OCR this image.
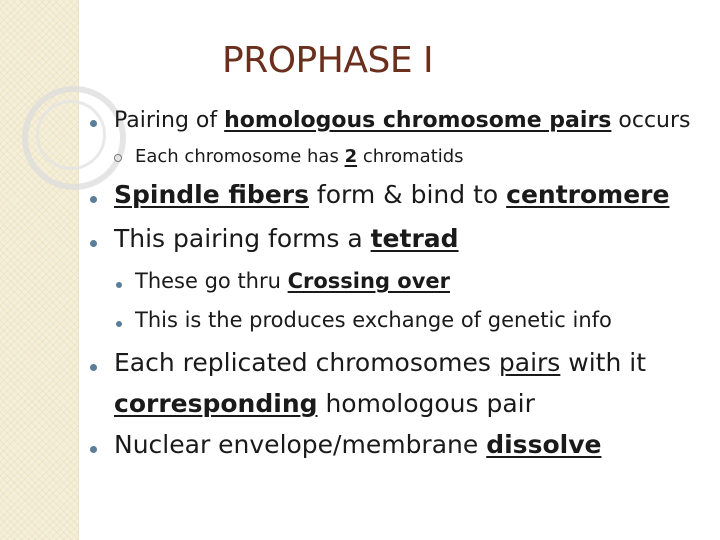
PROPHASE I
Pairing of homologous chromosome pairs occurs
Each chromosome has 2 chromatids
Spindle fibers form & bind to centromere
This pairing forms a tetrad
These go thru Crossing over
This is the produces exchange of genetic info
Each replicated chromosomes pairs with it
corresponding homologous pair
Nuclear envelope/membrane dissolve
